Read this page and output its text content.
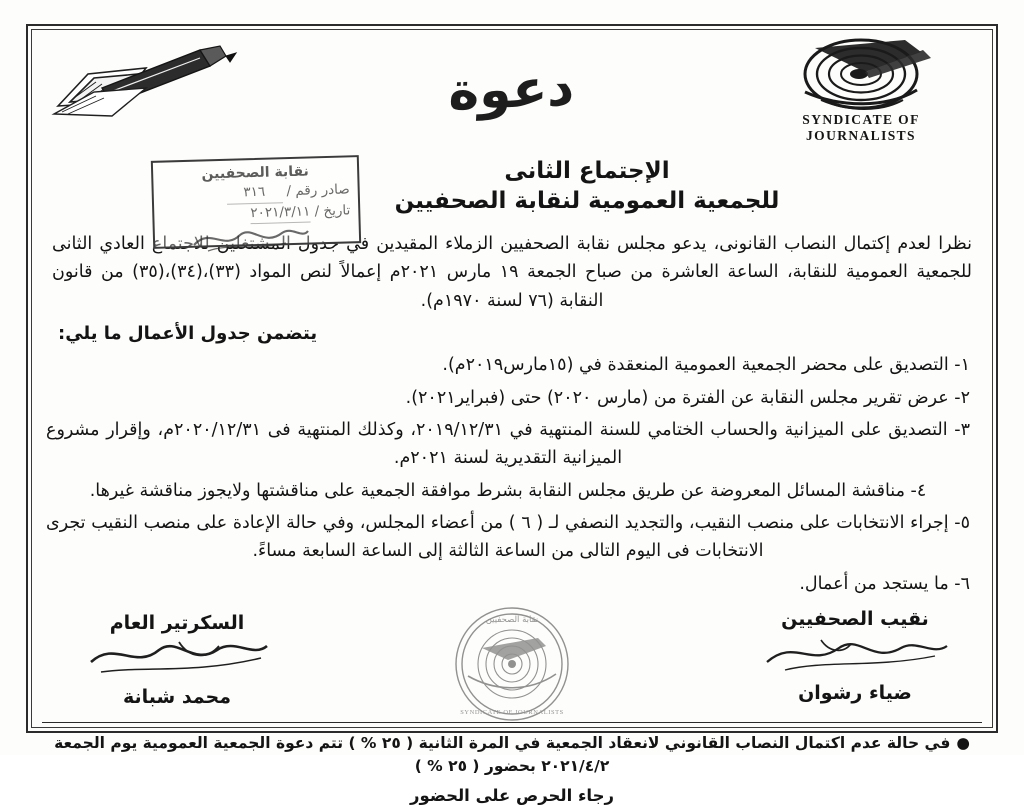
SYNDICATE OF JOURNALISTS
دعوة
نقابة الصحفيين
صادر رقم / ٣١٦
تاريخ / ٢٠٢١/٣/١١
الإجتماع الثانى
للجمعية العمومية لنقابة الصحفيين
نظرا لعدم إكتمال النصاب القانونى، يدعو مجلس نقابة الصحفيين الزملاء المقيدين في جدول المشتغلين للاجتماع العادي الثانى للجمعية العمومية للنقابة، الساعة العاشرة من صباح الجمعة ١٩ مارس ٢٠٢١م إعمالاً لنص المواد (٣٣)،(٣٤)،(٣٥) من قانون النقابة (٧٦ لسنة ١٩٧٠م).
يتضمن جدول الأعمال ما يلي:
١- التصديق على محضر الجمعية العمومية المنعقدة في (١٥مارس٢٠١٩م).
٢- عرض تقرير مجلس النقابة عن الفترة من (مارس ٢٠٢٠) حتى (فبراير٢٠٢١).
٣- التصديق على الميزانية والحساب الختامي للسنة المنتهية في ٢٠١٩/١٢/٣١، وكذلك المنتهية فى ٢٠٢٠/١٢/٣١م، وإقرار مشروع الميزانية التقديرية لسنة ٢٠٢١م.
٤- مناقشة المسائل المعروضة عن طريق مجلس النقابة بشرط موافقة الجمعية على مناقشتها ولايجوز مناقشة غيرها.
٥- إجراء الانتخابات على منصب النقيب، والتجديد النصفي لـ ( ٦ ) من أعضاء المجلس، وفي حالة الإعادة على منصب النقيب تجرى الانتخابات فى اليوم التالى من الساعة الثالثة إلى الساعة السابعة مساءً.
٦- ما يستجد من أعمال.
نقابة الصحفيين
SYNDICATE OF JOURNALISTS
نقيب الصحفيين
ضياء رشوان
السكرتير العام
محمد شبانة
●في حالة عدم اكتمال النصاب القانوني لانعقاد الجمعية في المرة الثانية ( ٢٥ % ) تتم دعوة الجمعية العمومية يوم الجمعة ٢٠٢١/٤/٢ بحضور ( ٢٥ % )
رجاء الحرص على الحضور
